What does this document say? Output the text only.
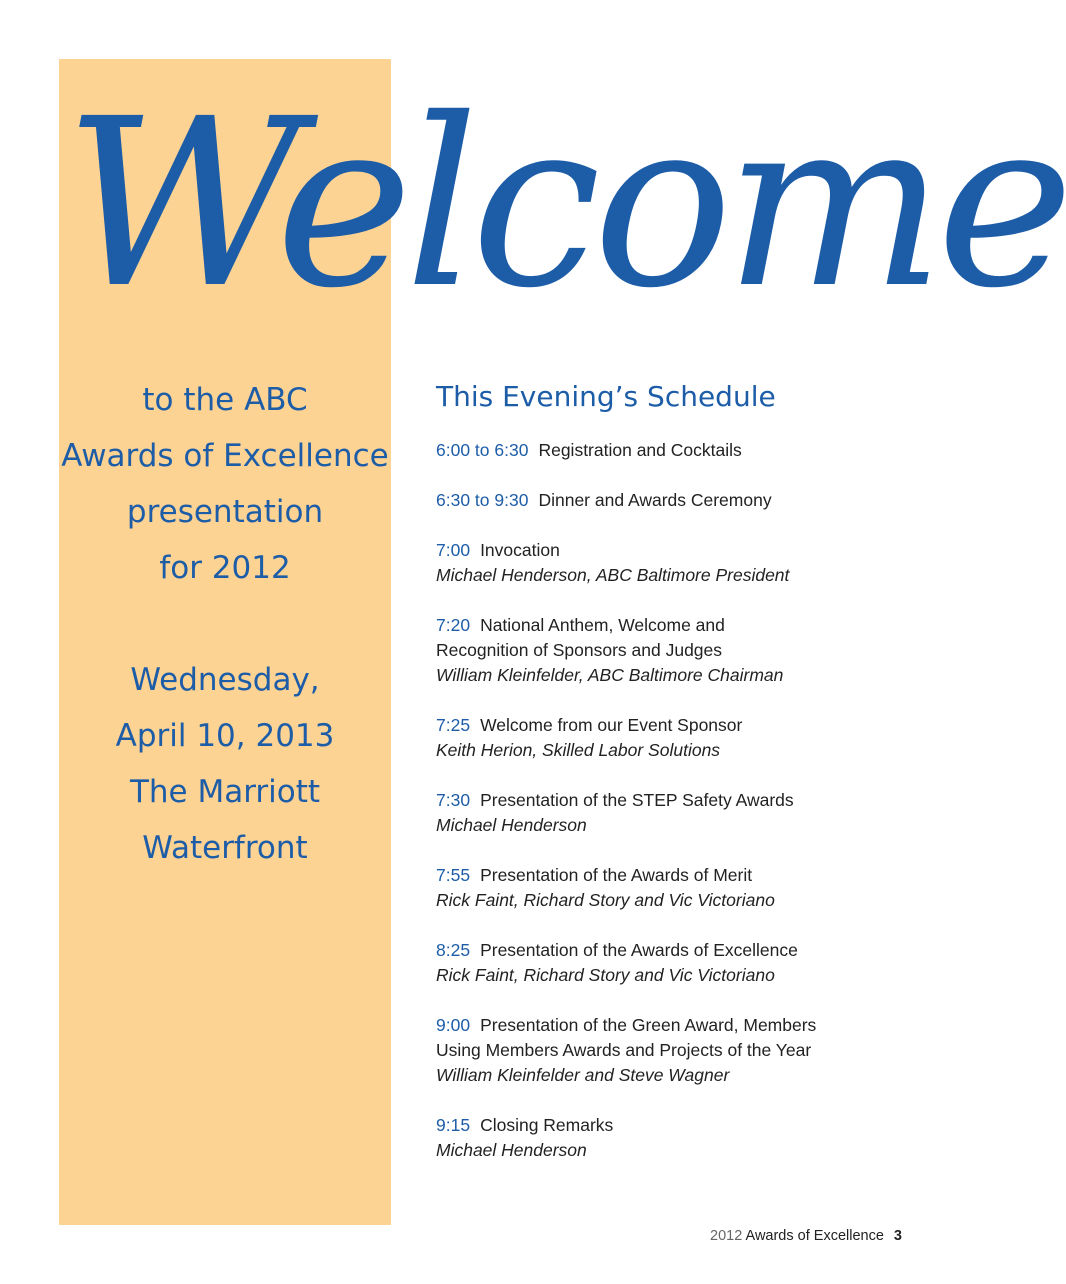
Welcome
to the ABC
Awards of Excellence
presentation
for 2012
Wednesday,
April 10, 2013
The Marriott
Waterfront
This Evening’s Schedule
6:00 to 6:30 Registration and Cocktails
6:30 to 9:30 Dinner and Awards Ceremony
7:00 Invocation
Michael Henderson, ABC Baltimore President
7:20 National Anthem, Welcome and
Recognition of Sponsors and Judges
William Kleinfelder, ABC Baltimore Chairman
7:25 Welcome from our Event Sponsor
Keith Herion, Skilled Labor Solutions
7:30 Presentation of the STEP Safety Awards
Michael Henderson
7:55 Presentation of the Awards of Merit
Rick Faint, Richard Story and Vic Victoriano
8:25 Presentation of the Awards of Excellence
Rick Faint, Richard Story and Vic Victoriano
9:00 Presentation of the Green Award, Members
Using Members Awards and Projects of the Year
William Kleinfelder and Steve Wagner
9:15 Closing Remarks
Michael Henderson
2012 Awards of Excellence 3
